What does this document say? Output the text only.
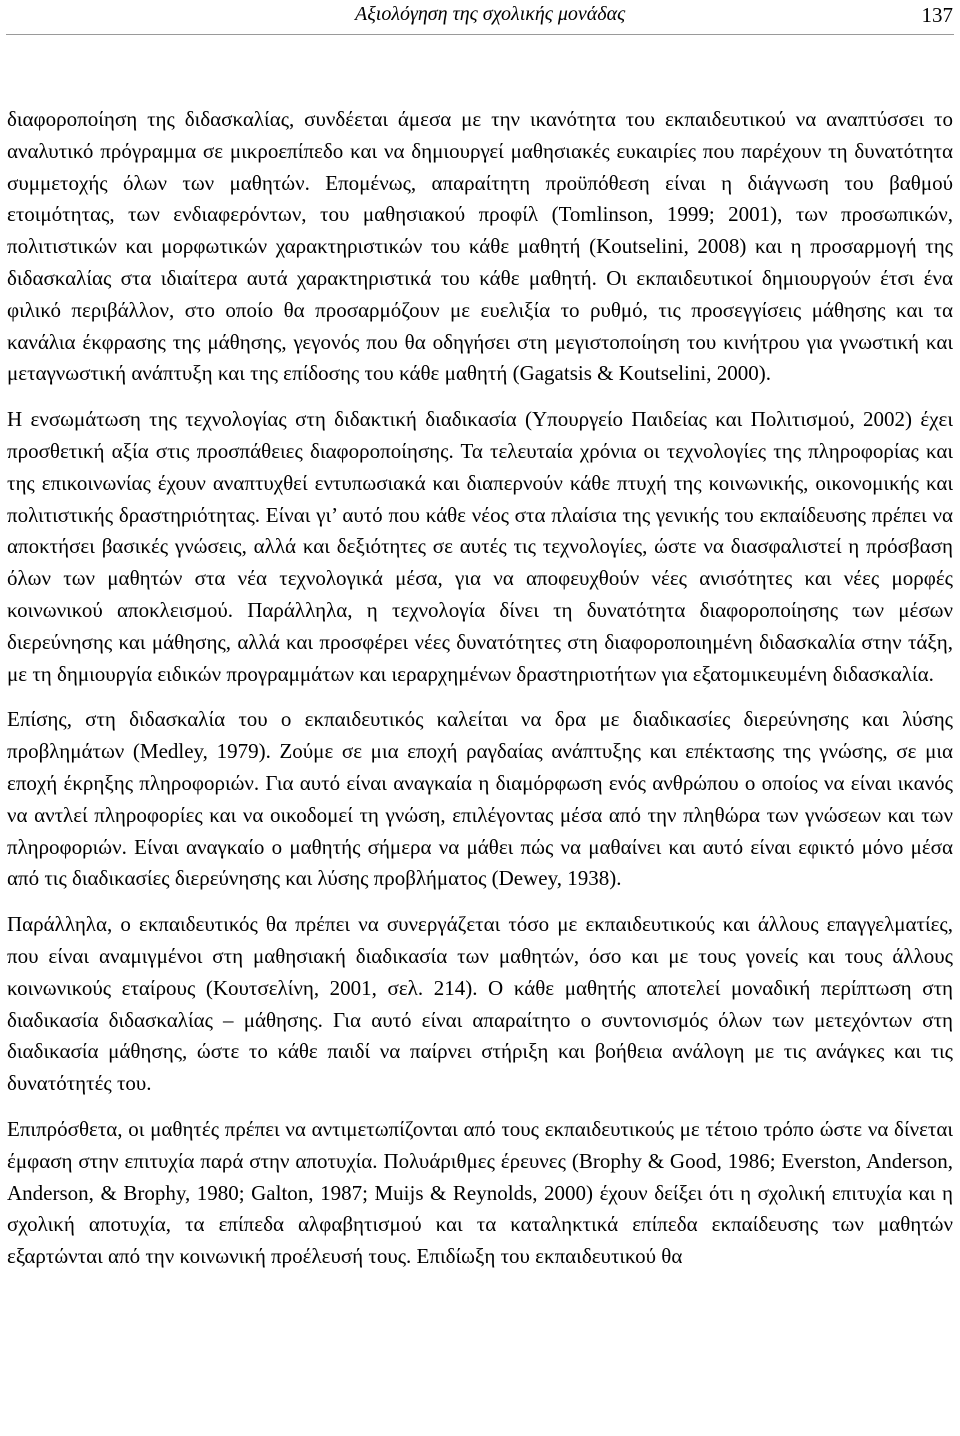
Αξιολόγηση της σχολικής μονάδας	137

διαφοροποίηση της διδασκαλίας, συνδέεται άμεσα με την ικανότητα του εκπαιδευτικού να αναπτύσσει το αναλυτικό πρόγραμμα σε μικροεπίπεδο και να δημιουργεί μαθησιακές ευκαιρίες που παρέχουν τη δυνατότητα συμμετοχής όλων των μαθητών. Επομένως, απαραίτητη προϋπόθεση είναι η διάγνωση του βαθμού ετοιμότητας, των ενδιαφερόντων, του μαθησιακού προφίλ (Tomlinson, 1999; 2001), των προσωπικών, πολιτιστικών και μορφωτικών χαρακτηριστικών του κάθε μαθητή (Koutselini, 2008) και η προσαρμογή της διδασκαλίας στα ιδιαίτερα αυτά χαρακτηριστικά του κάθε μαθητή. Οι εκπαιδευτικοί δημιουργούν έτσι ένα φιλικό περιβάλλον, στο οποίο θα προσαρμόζουν με ευελιξία το ρυθμό, τις προσεγγίσεις μάθησης και τα κανάλια έκφρασης της μάθησης, γεγονός που θα οδηγήσει στη μεγιστοποίηση του κινήτρου για γνωστική και μεταγνωστική ανάπτυξη και της επίδοσης του κάθε μαθητή (Gagatsis & Koutselini, 2000).

Η ενσωμάτωση της τεχνολογίας στη διδακτική διαδικασία (Υπουργείο Παιδείας και Πολιτισμού, 2002) έχει προσθετική αξία στις προσπάθειες διαφοροποίησης. Τα τελευταία χρόνια οι τεχνολογίες της πληροφορίας και της επικοινωνίας έχουν αναπτυχθεί εντυπωσιακά και διαπερνούν κάθε πτυχή της κοινωνικής, οικονομικής και πολιτιστικής δραστηριότητας. Είναι γι’ αυτό που κάθε νέος στα πλαίσια της γενικής του εκπαίδευσης πρέπει να αποκτήσει βασικές γνώσεις, αλλά και δεξιότητες σε αυτές τις τεχνολογίες, ώστε να διασφαλιστεί η πρόσβαση όλων των μαθητών στα νέα τεχνολογικά μέσα, για να αποφευχθούν νέες ανισότητες και νέες μορφές κοινωνικού αποκλεισμού. Παράλληλα, η τεχνολογία δίνει τη δυνατότητα διαφοροποίησης των μέσων διερεύνησης και μάθησης, αλλά και προσφέρει νέες δυνατότητες στη διαφοροποιημένη διδασκαλία στην τάξη, με τη δημιουργία ειδικών προγραμμάτων και ιεραρχημένων δραστηριοτήτων για εξατομικευμένη διδασκαλία.

Επίσης, στη διδασκαλία του ο εκπαιδευτικός καλείται να δρα με διαδικασίες διερεύνησης και λύσης προβλημάτων (Medley, 1979). Ζούμε σε μια εποχή ραγδαίας ανάπτυξης και επέκτασης της γνώσης, σε μια εποχή έκρηξης πληροφοριών. Για αυτό είναι αναγκαία η διαμόρφωση ενός ανθρώπου ο οποίος να είναι ικανός να αντλεί πληροφορίες και να οικοδομεί τη γνώση, επιλέγοντας μέσα από την πληθώρα των γνώσεων και των πληροφοριών. Είναι αναγκαίο ο μαθητής σήμερα να μάθει πώς να μαθαίνει και αυτό είναι εφικτό μόνο μέσα από τις διαδικασίες διερεύνησης και λύσης προβλήματος (Dewey, 1938).

Παράλληλα, ο εκπαιδευτικός θα πρέπει να συνεργάζεται τόσο με εκπαιδευτικούς και άλλους επαγγελματίες, που είναι αναμιγμένοι στη μαθησιακή διαδικασία των μαθητών, όσο και με τους γονείς και τους άλλους κοινωνικούς εταίρους (Κουτσελίνη, 2001, σελ. 214). Ο κάθε μαθητής αποτελεί μοναδική περίπτωση στη διαδικασία διδασκαλίας – μάθησης. Για αυτό είναι απαραίτητο ο συντονισμός όλων των μετεχόντων στη διαδικασία μάθησης, ώστε το κάθε παιδί να παίρνει στήριξη και βοήθεια ανάλογη με τις ανάγκες και τις δυνατότητές του.

Επιπρόσθετα, οι μαθητές πρέπει να αντιμετωπίζονται από τους εκπαιδευτικούς με τέτοιο τρόπο ώστε να δίνεται έμφαση στην επιτυχία παρά στην αποτυχία. Πολυάριθμες έρευνες (Brophy & Good, 1986; Everston, Anderson, Anderson, & Brophy, 1980; Galton, 1987; Muijs & Reynolds, 2000) έχουν δείξει ότι η σχολική επιτυχία και η σχολική αποτυχία, τα επίπεδα αλφαβητισμού και τα καταληκτικά επίπεδα εκπαίδευσης των μαθητών εξαρτώνται από την κοινωνική προέλευσή τους. Επιδίωξη του εκπαιδευτικού θα
